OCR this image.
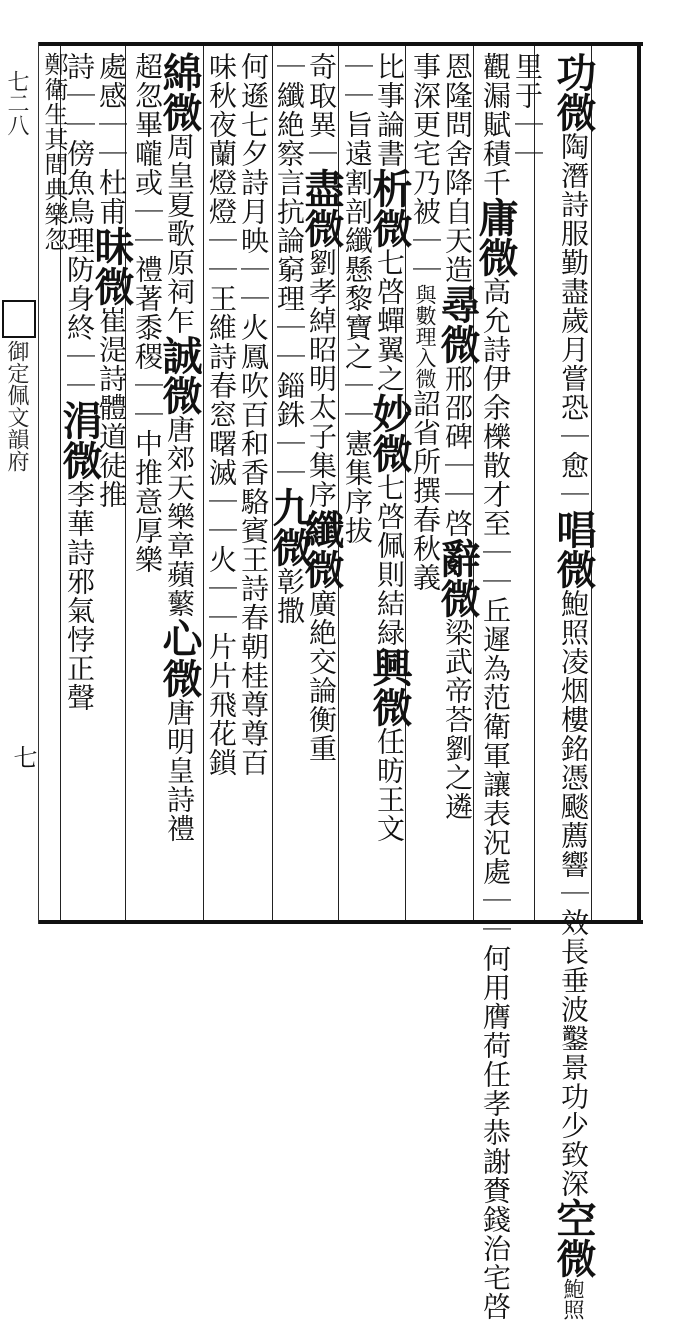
七二八
御定佩文韻府
七
功微陶潛詩服勤盡歲月嘗恐｜愈｜唱微鮑照凌烟樓銘憑颷薦響｜效長垂波鑿景功少致深空微鮑照
里于｜｜
觀漏賦積千庸微高允詩伊余櫟散才至｜｜丘遲為范衛軍讓表況處｜｜何用膺荷任孝恭謝賚錢治宅啓
恩隆問舍降自天造尋微邢邵碑｜｜啓辭微梁武帝荅劉之遴
事深更宅乃被｜｜與數理入微詔省所撰春秋義
比事論書析微七啓蟬翼之妙微七啓佩則結緑興微任昉王文
｜｜旨遠割剖纖懸黎寶之｜｜憲集序拔
奇取異｜盡微劉孝綽昭明太子集序纖微廣絶交論衡重
｜纖絶察言抗論窮理｜｜錙銖｜｜九微彰撒
何遜七夕詩月映｜｜火鳳吹百和香駱賓王詩春朝桂尊尊百
味秋夜蘭燈燈｜｜王維詩春窓曙滅｜｜火｜｜片片飛花鎖
綿微周皇夏歌原祠乍誠微唐郊天樂章蘋蘩心微唐明皇詩禮
超忽畢嚨或｜｜禮著黍稷｜｜中推意厚樂
處感｜｜杜甫昧微崔湜詩體道徒推
詩｜｜傍魚鳥理防身終｜｜涓微李華詩邪氣悖正聲
鄭衛生其間典樂忽
